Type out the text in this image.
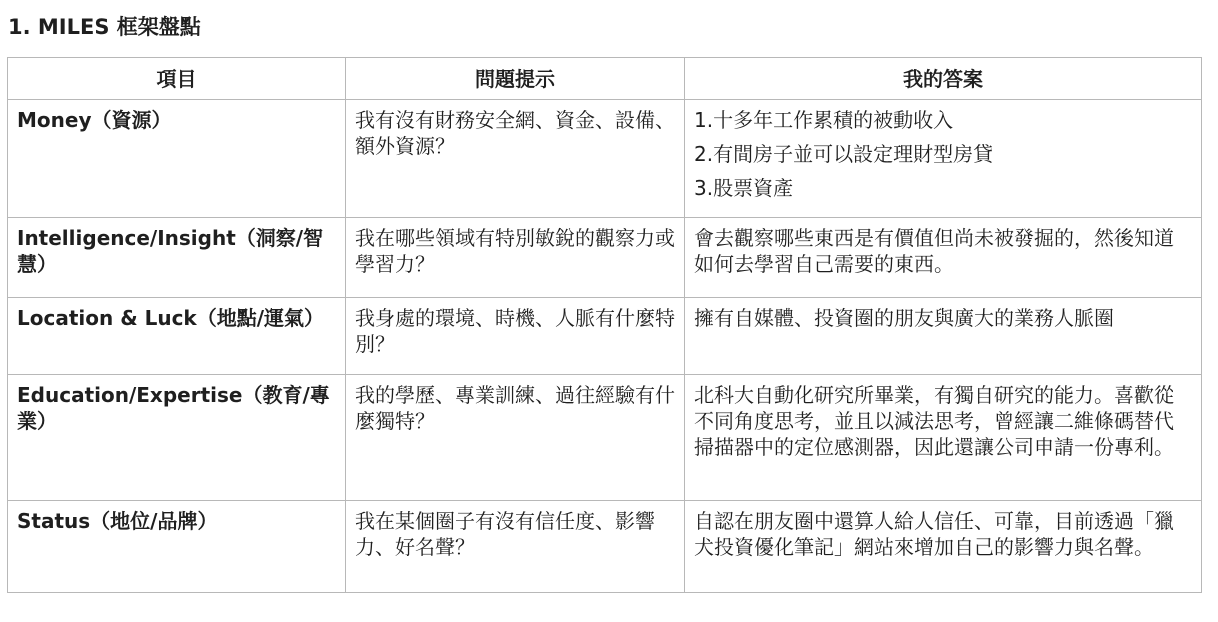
1. MILES 框架盤點
項目	問題提示	我的答案
Money（資源）	我有沒有財務安全網、資金、設備、額外資源？	1.十多年工作累積的被動收入
2.有間房子並可以設定理財型房貸
3.股票資產

Intelligence/Insight（洞察/智慧）	我在哪些領域有特別敏銳的觀察力或學習力？	會去觀察哪些東西是有價值但尚未被發掘的，然後知道如何去學習自己需要的東西。

Location & Luck（地點/運氣）	我身處的環境、時機、人脈有什麼特別？	擁有自媒體、投資圈的朋友與廣大的業務人脈圈

Education/Expertise（教育/專業）	我的學歷、專業訓練、過往經驗有什麼獨特？	北科大自動化研究所畢業，有獨自研究的能力。喜歡從不同角度思考，並且以減法思考，曾經讓二維條碼替代掃描器中的定位感測器，因此還讓公司申請一份專利。

Status（地位/品牌）	我在某個圈子有沒有信任度、影響力、好名聲？	自認在朋友圈中還算人給人信任、可靠，目前透過「獵犬投資優化筆記」網站來增加自己的影響力與名聲。
